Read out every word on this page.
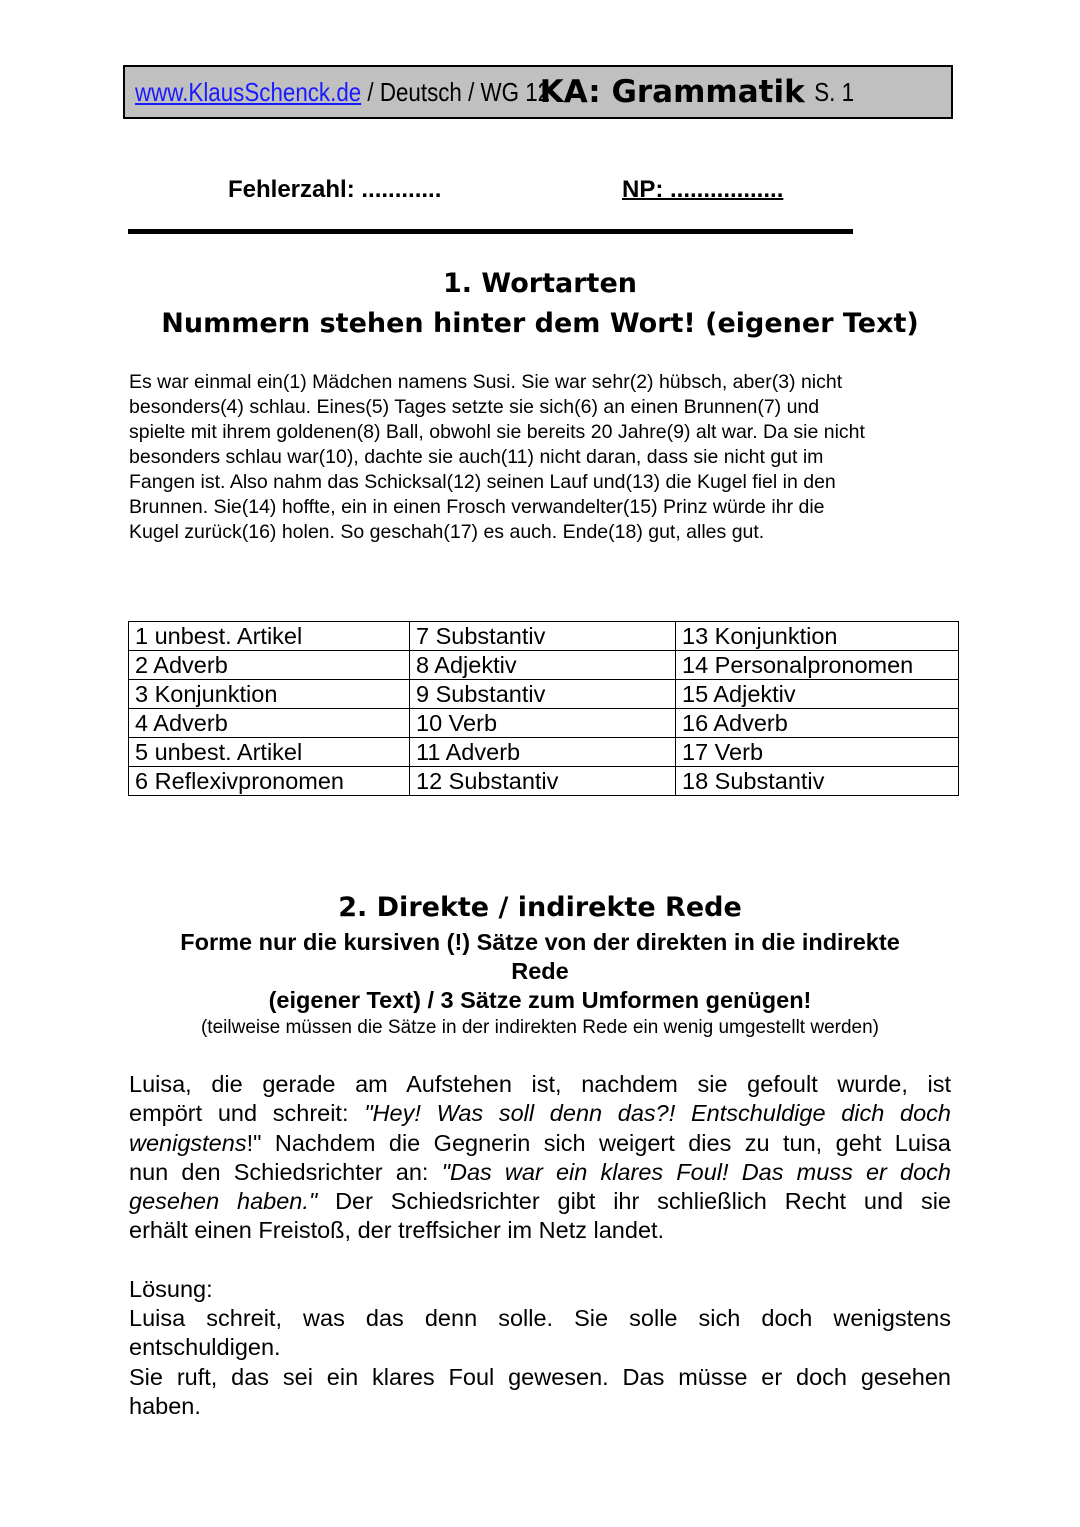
www.KlausSchenck.de / Deutsch / WG 12
KA: Grammatik S. 1
Fehlerzahl: ............	NP: .................
1. Wortarten
Nummern stehen hinter dem Wort! (eigener Text)
Es war einmal ein(1) Mädchen namens Susi. Sie war sehr(2) hübsch, aber(3) nicht
besonders(4) schlau. Eines(5) Tages setzte sie sich(6) an einen Brunnen(7) und
spielte mit ihrem goldenen(8) Ball, obwohl sie bereits 20 Jahre(9) alt war. Da sie nicht
besonders schlau war(10), dachte sie auch(11) nicht daran, dass sie nicht gut im
Fangen ist. Also nahm das Schicksal(12) seinen Lauf und(13) die Kugel fiel in den
Brunnen. Sie(14) hoffte, ein in einen Frosch verwandelter(15) Prinz würde ihr die
Kugel zurück(16) holen. So geschah(17) es auch. Ende(18) gut, alles gut.
1 unbest. Artikel	7 Substantiv	13 Konjunktion
2 Adverb	8 Adjektiv	14 Personalpronomen
3 Konjunktion	9 Substantiv	15 Adjektiv
4 Adverb	10 Verb	16 Adverb
5 unbest. Artikel	11 Adverb	17 Verb
6 Reflexivpronomen	12 Substantiv	18 Substantiv
2. Direkte / indirekte Rede
Forme nur die kursiven (!) Sätze von der direkten in die indirekte
Rede
(eigener Text) / 3 Sätze zum Umformen genügen!
(teilweise müssen die Sätze in der indirekten Rede ein wenig umgestellt werden)
Luisa, die gerade am Aufstehen ist, nachdem sie gefoult wurde, ist
empört und schreit: "Hey! Was soll denn das?! Entschuldige dich doch
wenigstens!" Nachdem die Gegnerin sich weigert dies zu tun, geht Luisa
nun den Schiedsrichter an: "Das war ein klares Foul! Das muss er doch
gesehen haben." Der Schiedsrichter gibt ihr schließlich Recht und sie
erhält einen Freistoß, der treffsicher im Netz landet.
Lösung:
Luisa schreit, was das denn solle. Sie solle sich doch wenigstens
entschuldigen.
Sie ruft, das sei ein klares Foul gewesen. Das müsse er doch gesehen
haben.
